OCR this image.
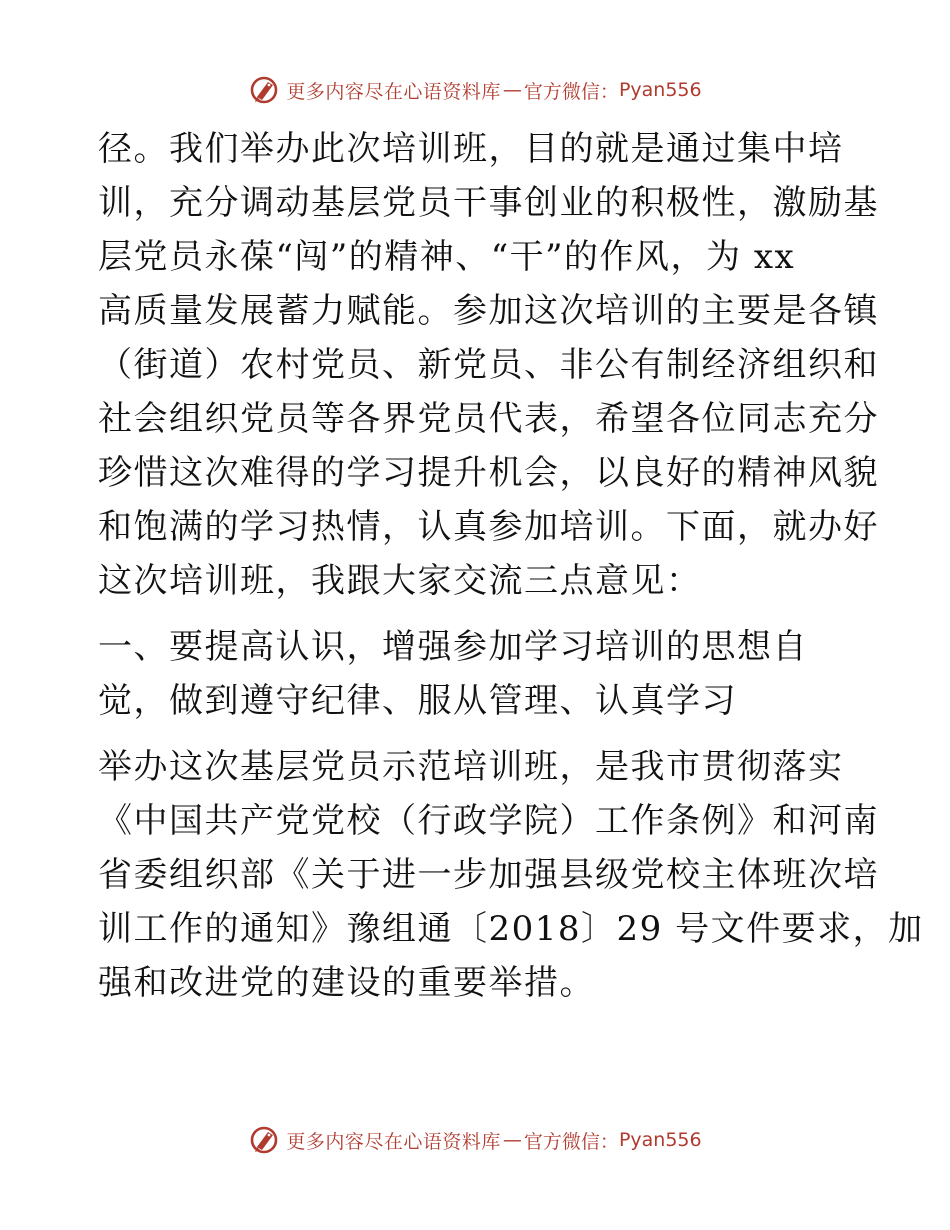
更多内容尽在心语资料库 — 官方微信： Pyan556
径。我们举办此次培训班，目的就是通过集中培
训，充分调动基层党员干事创业的积极性，激励基
层党员永葆“闯”的精神、“干”的作风，为 xx
高质量发展蓄力赋能。参加这次培训的主要是各镇
（街道）农村党员、新党员、非公有制经济组织和
社会组织党员等各界党员代表，希望各位同志充分
珍惜这次难得的学习提升机会，以良好的精神风貌
和饱满的学习热情，认真参加培训。下面，就办好
这次培训班，我跟大家交流三点意见：
一、要提高认识，增强参加学习培训的思想自
觉，做到遵守纪律、服从管理、认真学习
举办这次基层党员示范培训班，是我市贯彻落实
《中国共产党党校（行政学院）工作条例》和河南
省委组织部《关于进一步加强县级党校主体班次培
训工作的通知》豫组通〔2018〕29 号文件要求，加
强和改进党的建设的重要举措。
更多内容尽在心语资料库 — 官方微信： Pyan556
